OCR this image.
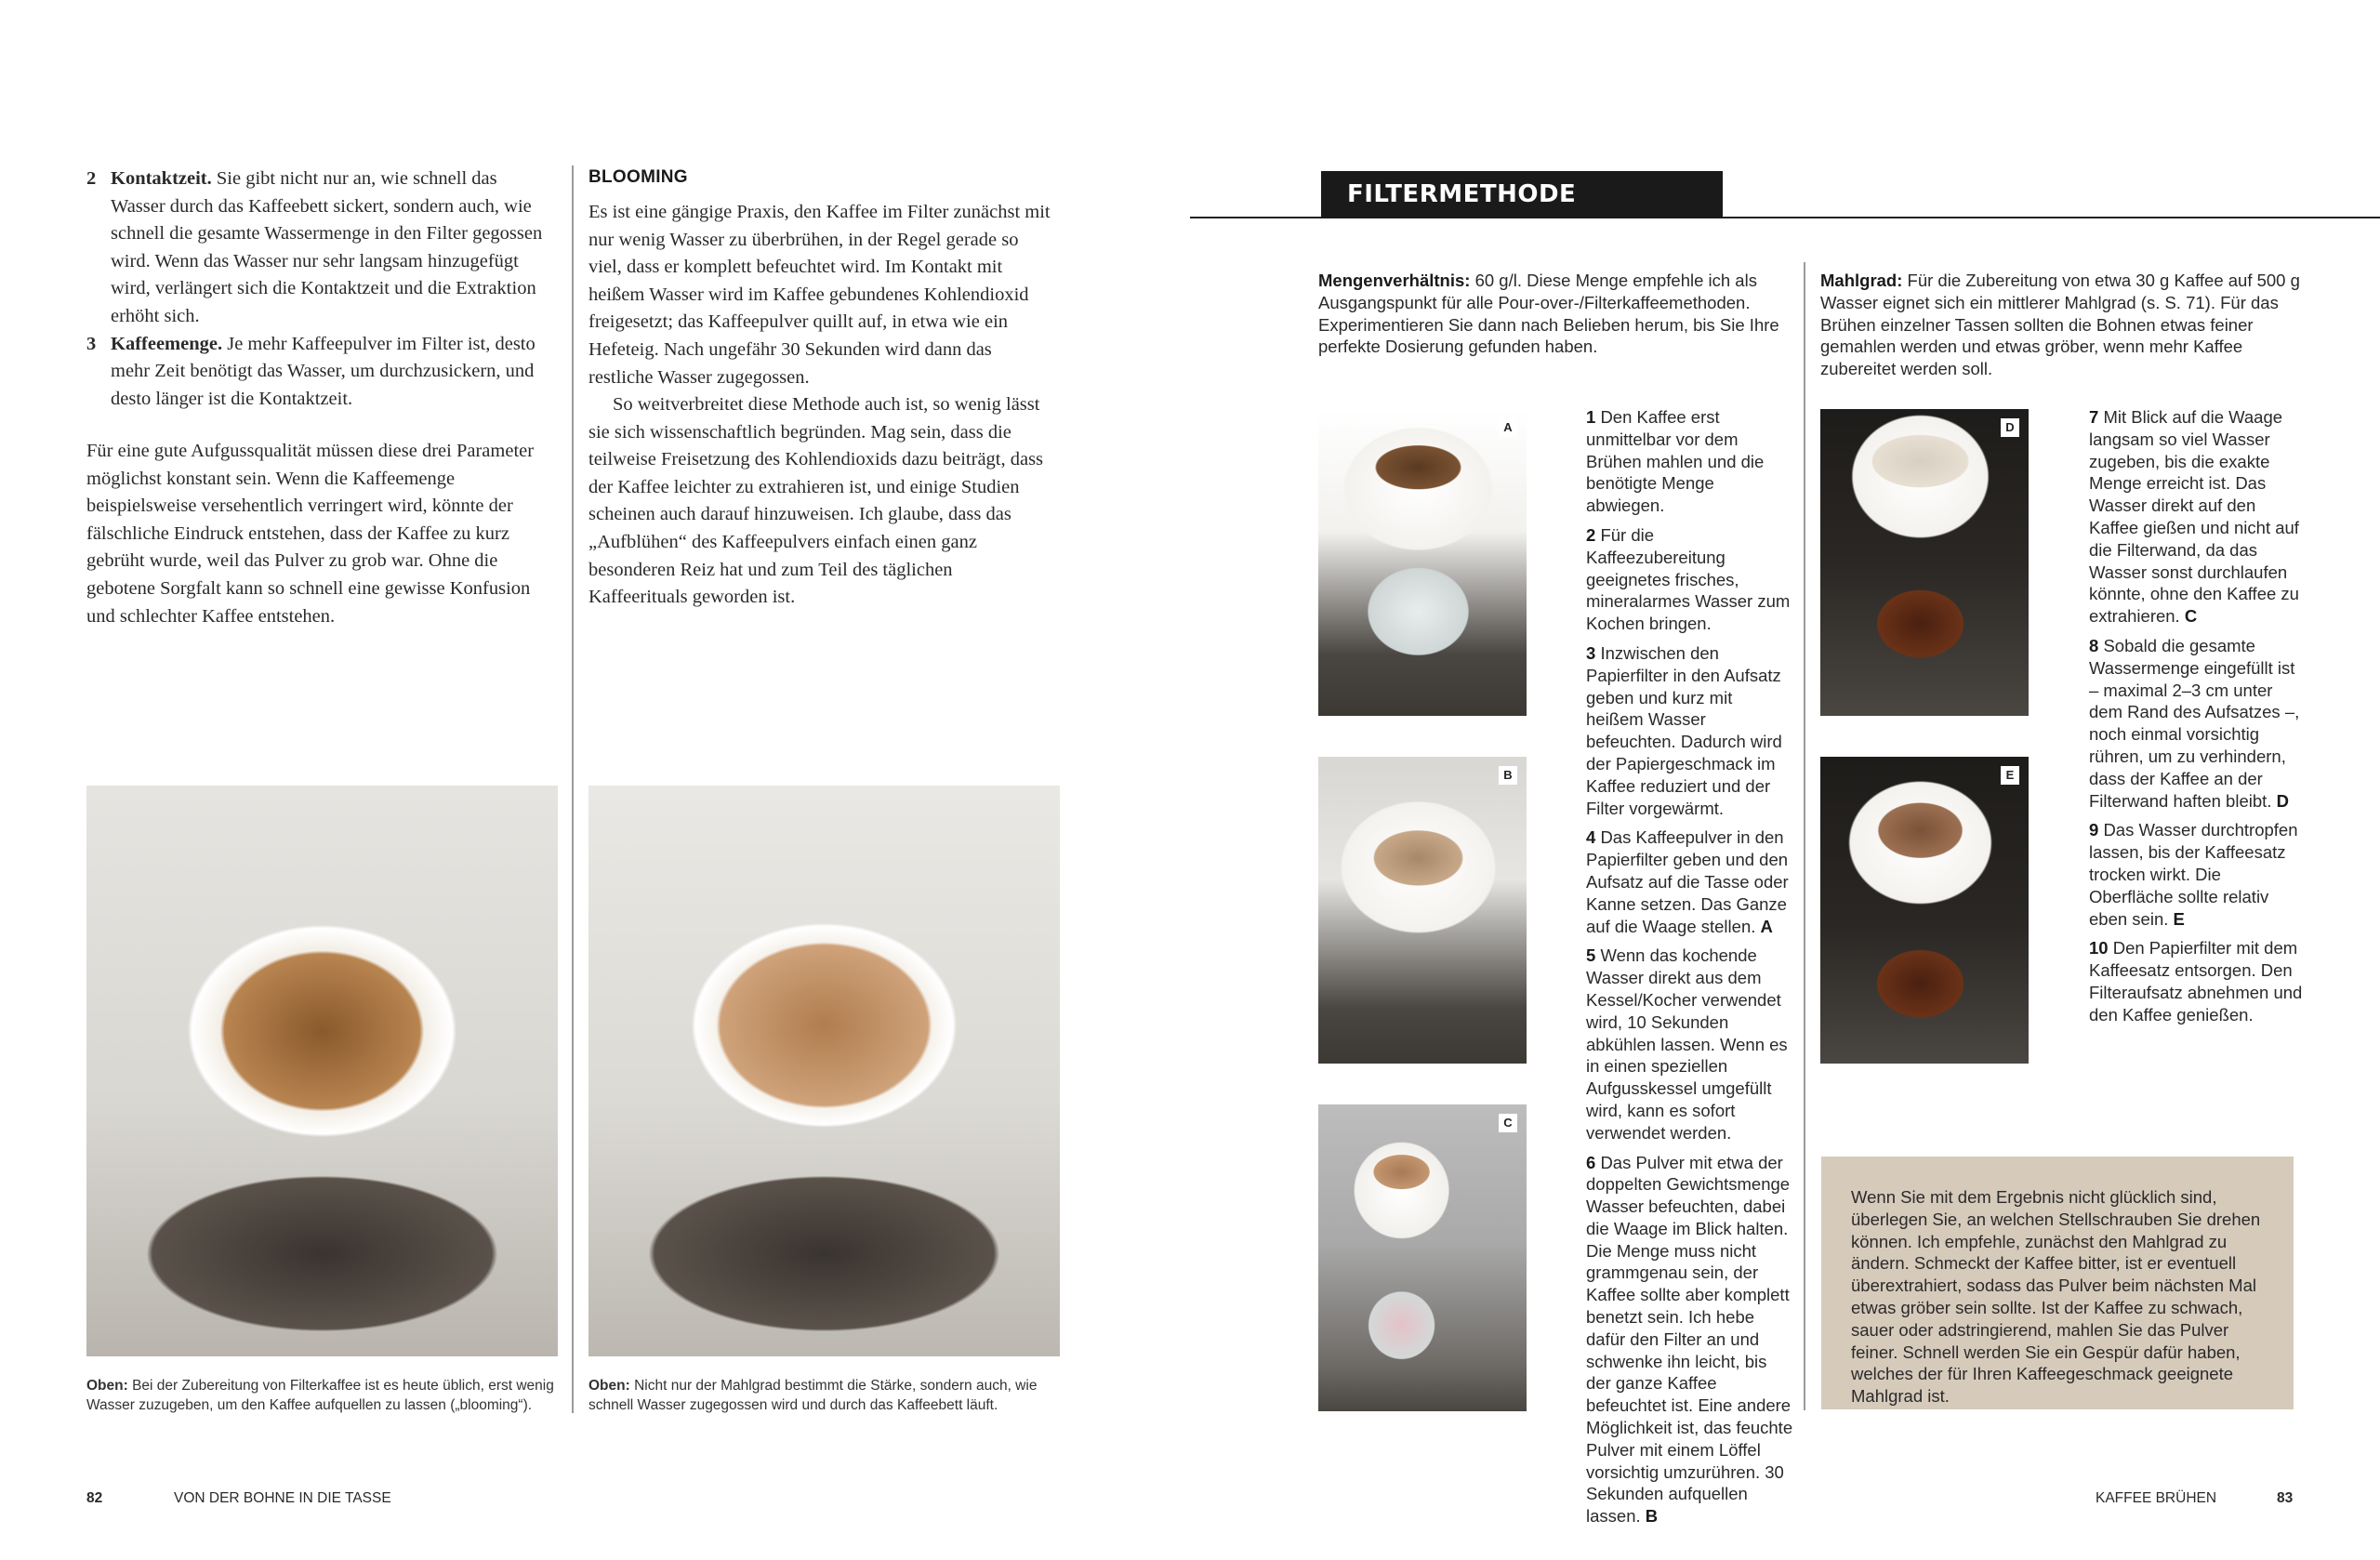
2 Kontaktzeit. Sie gibt nicht nur an, wie schnell das Wasser durch das Kaffeebett sickert, sondern auch, wie schnell die gesamte Wassermenge in den Filter gegossen wird. Wenn das Wasser nur sehr langsam hinzugefügt wird, verlängert sich die Kontaktzeit und die Extraktion erhöht sich.
3 Kaffeemenge. Je mehr Kaffeepulver im Filter ist, desto mehr Zeit benötigt das Wasser, um durchzusickern, und desto länger ist die Kontaktzeit.
Für eine gute Aufgussqualität müssen diese drei Parameter möglichst konstant sein. Wenn die Kaffeemenge beispielsweise versehentlich verringert wird, könnte der fälschliche Eindruck entstehen, dass der Kaffee zu kurz gebrüht wurde, weil das Pulver zu grob war. Ohne die gebotene Sorgfalt kann so schnell eine gewisse Konfusion und schlechter Kaffee entstehen.
BLOOMING
Es ist eine gängige Praxis, den Kaffee im Filter zunächst mit nur wenig Wasser zu überbrühen, in der Regel gerade so viel, dass er komplett befeuchtet wird. Im Kontakt mit heißem Wasser wird im Kaffee gebundenes Kohlendioxid freigesetzt; das Kaffeepulver quillt auf, in etwa wie ein Hefeteig. Nach ungefähr 30 Sekunden wird dann das restliche Wasser zugegossen.
So weitverbreitet diese Methode auch ist, so wenig lässt sie sich wissenschaftlich begründen. Mag sein, dass die teilweise Freisetzung des Kohlendioxids dazu beiträgt, dass der Kaffee leichter zu extrahieren ist, und einige Studien scheinen auch darauf hinzuweisen. Ich glaube, dass das „Aufblühen“ des Kaffeepulvers einfach einen ganz besonderen Reiz hat und zum Teil des täglichen Kaffeerituals geworden ist.
Oben: Bei der Zubereitung von Filterkaffee ist es heute üblich, erst wenig Wasser zuzugeben, um den Kaffee aufquellen zu lassen („blooming“).
Oben: Nicht nur der Mahlgrad bestimmt die Stärke, sondern auch, wie schnell Wasser zugegossen wird und durch das Kaffeebett läuft.
82	VON DER BOHNE IN DIE TASSE
FILTERMETHODE
Mengenverhältnis: 60 g/l. Diese Menge empfehle ich als Ausgangspunkt für alle Pour-over-/Filterkaffeemethoden. Experimentieren Sie dann nach Belieben herum, bis Sie Ihre perfekte Dosierung gefunden haben.
Mahlgrad: Für die Zubereitung von etwa 30 g Kaffee auf 500 g Wasser eignet sich ein mittlerer Mahlgrad (s. S. 71). Für das Brühen einzelner Tassen sollten die Bohnen etwas feiner gemahlen werden und etwas gröber, wenn mehr Kaffee zubereitet werden soll.
A
B
C
D
E

1 Den Kaffee erst unmittelbar vor dem Brühen mahlen und die benötigte Menge abwiegen.

2 Für die Kaffeezubereitung geeignetes frisches, mineralarmes Wasser zum Kochen bringen.

3 Inzwischen den Papierfilter in den Aufsatz geben und kurz mit heißem Wasser befeuchten. Dadurch wird der Papiergeschmack im Kaffee reduziert und der Filter vorgewärmt.

4 Das Kaffeepulver in den Papierfilter geben und den Aufsatz auf die Tasse oder Kanne setzen. Das Ganze auf die Waage stellen. A

5 Wenn das kochende Wasser direkt aus dem Kessel/Kocher verwendet wird, 10 Sekunden abkühlen lassen. Wenn es in einen speziellen Aufgusskessel umgefüllt wird, kann es sofort verwendet werden.

6 Das Pulver mit etwa der doppelten Gewichtsmenge Wasser befeuchten, dabei die Waage im Blick halten. Die Menge muss nicht grammgenau sein, der Kaffee sollte aber komplett benetzt sein. Ich hebe dafür den Filter an und schwenke ihn leicht, bis der ganze Kaffee befeuchtet ist. Eine andere Möglichkeit ist, das feuchte Pulver mit einem Löffel vorsichtig umzurühren. 30 Sekunden aufquellen lassen. B

7 Mit Blick auf die Waage langsam so viel Wasser zugeben, bis die exakte Menge erreicht ist. Das Wasser direkt auf den Kaffee gießen und nicht auf die Filterwand, da das Wasser sonst durchlaufen könnte, ohne den Kaffee zu extrahieren. C

8 Sobald die gesamte Wassermenge eingefüllt ist – maximal 2–3 cm unter dem Rand des Aufsatzes –, noch einmal vorsichtig rühren, um zu verhindern, dass der Kaffee an der Filterwand haften bleibt. D

9 Das Wasser durchtropfen lassen, bis der Kaffeesatz trocken wirkt. Die Oberfläche sollte relativ eben sein. E

10 Den Papierfilter mit dem Kaffeesatz entsorgen. Den Filteraufsatz abnehmen und den Kaffee genießen.

Wenn Sie mit dem Ergebnis nicht glücklich sind, überlegen Sie, an welchen Stellschrauben Sie drehen können. Ich empfehle, zunächst den Mahlgrad zu ändern. Schmeckt der Kaffee bitter, ist er eventuell überextrahiert, sodass das Pulver beim nächsten Mal etwas gröber sein sollte. Ist der Kaffee zu schwach, sauer oder adstringierend, mahlen Sie das Pulver feiner. Schnell werden Sie ein Gespür dafür haben, welches der für Ihren Kaffeegeschmack geeignete Mahlgrad ist.
KAFFEE BRÜHEN	83
